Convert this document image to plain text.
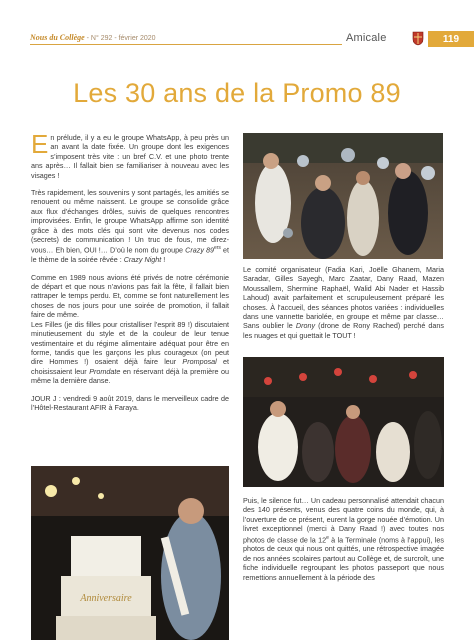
Nous du Collège - N° 292 - février 2020	Amicale	119
Les 30 ans de la Promo 89

En prélude, il y a eu le groupe WhatsApp, à peu près un an avant la date fixée. Un groupe dont les exigences s’imposent très vite : un bref C.V. et une photo trente ans après… Il fallait bien se familiariser à nouveau avec les visages !

Très rapidement, les souvenirs y sont partagés, les amitiés se renouent ou même naissent. Le groupe se consolide grâce aux flux d’échanges drôles, suivis de quelques rencontres improvisées. Enfin, le groupe WhatsApp affirme son identité grâce à des mots clés qui sont vite devenus nos codes (secrets) de communication ! Un truc de fous, me direz-vous… Eh bien, OUI !… D’où le nom du groupe Crazy 89ers et le thème de la soirée rêvée : Crazy Night !

Comme en 1989 nous avions été privés de notre cérémonie de départ et que nous n’avions pas fait la fête, il fallait bien rattraper le temps perdu. Et, comme se font naturellement les choses de nos jours pour une soirée de promotion, il fallait faire de même.

Les Filles (je dis filles pour cristalliser l’esprit 89 !) discutaient minutieusement du style et de la couleur de leur tenue vestimentaire et du régime alimentaire adéquat pour être en forme, tandis que les garçons les plus courageux (on peut dire Hommes !) osaient déjà faire leur Promposal et choisissaient leur Promdate en réservant déjà la première ou même la dernière danse.

JOUR J : vendredi 9 août 2019, dans le merveilleux cadre de l’Hôtel-Restaurant AFIR à Faraya.

Le comité organisateur (Fadia Kari, Joëlle Ghanem, Maria Saradar, Gilles Sayegh, Marc Zaatar, Dany Raad, Mazen Moussallem, Shermine Raphaël, Walid Abi Nader et Hassib Lahoud) avait parfaitement et scrupuleusement préparé les choses. À l’accueil, des séances photos variées : individuelles dans une vannette bariolée, en groupe et même par classe… Sans oublier le Drony (drone de Rony Rached) perché dans les nuages et qui guettait le TOUT !

Anniversaire

Puis, le silence fut… Un cadeau personnalisé attendait chacun des 140 présents, venus des quatre coins du monde, qui, à l’ouverture de ce présent, eurent la gorge nouée d’émotion. Un livret exceptionnel (merci à Dany Raad !) avec toutes nos photos de classe de la 12e à la Terminale (noms à l’appui), les photos de ceux qui nous ont quittés, une rétrospective imagée de nos années scolaires partout au Collège et, de surcroît, une fiche individuelle regroupant les photos passeport que nous remettions annuellement à la période des
